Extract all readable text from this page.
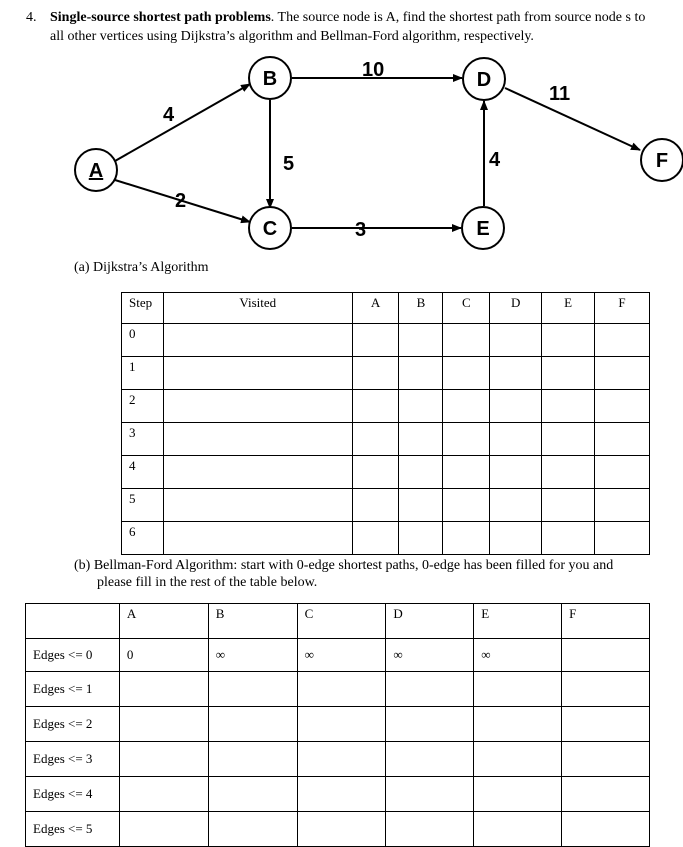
4. Single-source shortest path problems. The source node is A, find the shortest path from source node s to all other vertices using Dijkstra’s algorithm and Bellman-Ford algorithm, respectively.
4
2
5
10
3
4
11
A
B
C
D
E
F
(a) Dijkstra’s Algorithm
Step	Visited	A	B	C	D	E	F
0							
1							
2							
3							
4							
5							
6							
(b) Bellman-Ford Algorithm: start with 0-edge shortest paths, 0-edge has been filled for you and
please fill in the rest of the table below.
	A	B	C	D	E	F
Edges <= 0	0	∞	∞	∞	∞	
Edges <= 1						
Edges <= 2						
Edges <= 3						
Edges <= 4						
Edges <= 5						
